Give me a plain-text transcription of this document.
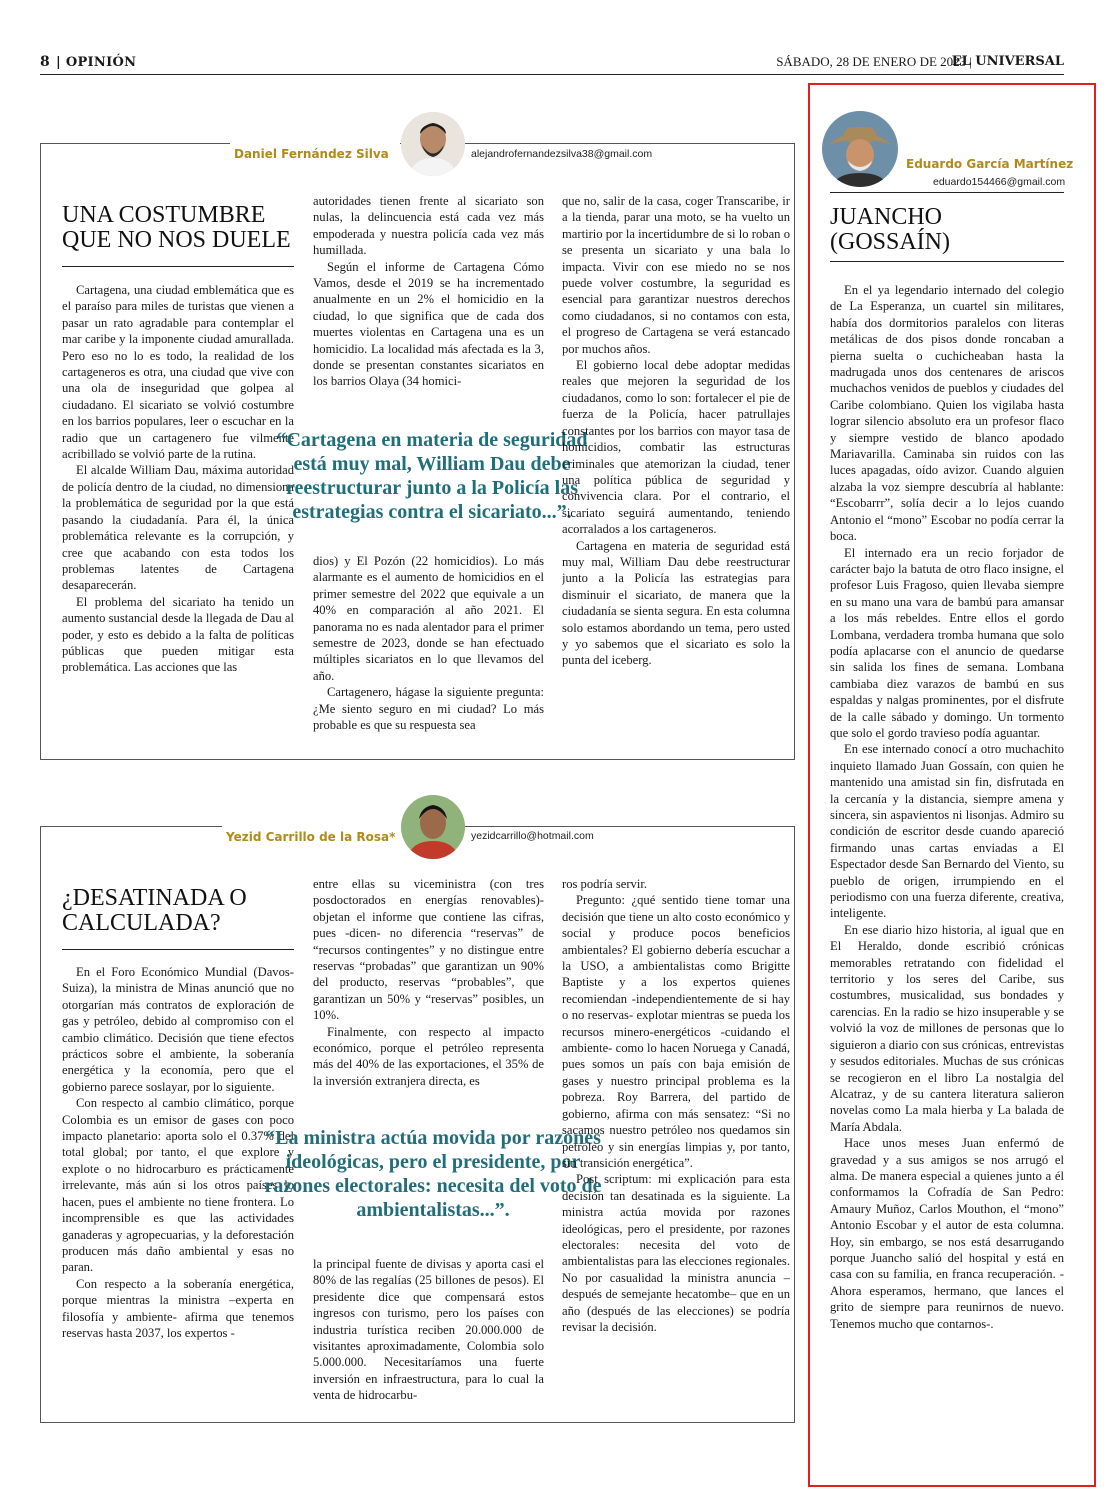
8 | OPINIÓN	SÁBADO, 28 DE ENERO DE 2023 |
EL UNIVERSAL
Daniel Fernández Silva	alejandrofernandezsilva38@gmail.com
UNA COSTUMBRE
QUE NO NOS DUELE

Cartagena, una ciudad emblemática que es el paraíso para miles de turistas que vienen a pasar un rato agradable para contemplar el mar caribe y la imponente ciudad amurallada. Pero eso no lo es todo, la realidad de los cartageneros es otra, una ciudad que vive con una ola de inseguridad que golpea al ciudadano. El sicariato se volvió costumbre en los barrios populares, leer o escuchar en la radio que un cartagenero fue vilmente acribillado se volvió parte de la rutina.

El alcalde William Dau, máxima autoridad de policía dentro de la ciudad, no dimensiona la problemática de seguridad por la que está pasando la ciudadanía. Para él, la única problemática relevante es la corrupción, y cree que acabando con esta todos los problemas latentes de Cartagena desaparecerán.

El problema del sicariato ha tenido un aumento sustancial desde la llegada de Dau al poder, y esto es debido a la falta de políticas públicas que pueden mitigar esta problemática. Las acciones que las

autoridades tienen frente al sicariato son nulas, la delincuencia está cada vez más empoderada y nuestra policía cada vez más humillada.

Según el informe de Cartagena Cómo Vamos, desde el 2019 se ha incrementado anualmente en un 2% el homicidio en la ciudad, lo que significa que de cada dos muertes violentas en Cartagena una es un homicidio. La localidad más afectada es la 3, donde se presentan constantes sicariatos en los barrios Olaya (34 homici-

“Cartagena en materia de seguridad está muy mal, William Dau debe reestructurar junto a la Policía las estrategias contra el sicariato...”.

dios) y El Pozón (22 homicidios). Lo más alarmante es el aumento de homicidios en el primer semestre del 2022 que equivale a un 40% en comparación al año 2021. El panorama no es nada alentador para el primer semestre de 2023, donde se han efectuado múltiples sicariatos en lo que llevamos del año.

Cartagenero, hágase la siguiente pregunta: ¿Me siento seguro en mi ciudad? Lo más probable es que su respuesta sea

que no, salir de la casa, coger Transcaribe, ir a la tienda, parar una moto, se ha vuelto un martirio por la incertidumbre de si lo roban o se presenta un sicariato y una bala lo impacta. Vivir con ese miedo no se nos puede volver costumbre, la seguridad es esencial para garantizar nuestros derechos como ciudadanos, si no contamos con esta, el progreso de Cartagena se verá estancado por muchos años.

El gobierno local debe adoptar medidas reales que mejoren la seguridad de los ciudadanos, como lo son: fortalecer el pie de fuerza de la Policía, hacer patrullajes constantes por los barrios con mayor tasa de homicidios, combatir las estructuras criminales que atemorizan la ciudad, tener una política pública de seguridad y convivencia clara. Por el contrario, el sicariato seguirá aumentando, teniendo acorralados a los cartageneros.

Cartagena en materia de seguridad está muy mal, William Dau debe reestructurar junto a la Policía las estrategias para disminuir el sicariato, de manera que la ciudadanía se sienta segura. En esta columna solo estamos abordando un tema, pero usted y yo sabemos que el sicariato es solo la punta del iceberg.

Yezid Carrillo de la Rosa*	yezidcarrillo@hotmail.com
¿DESATINADA O
CALCULADA?

En el Foro Económico Mundial (Davos-Suiza), la ministra de Minas anunció que no otorgarían más contratos de exploración de gas y petróleo, debido al compromiso con el cambio climático. Decisión que tiene efectos prácticos sobre el ambiente, la soberanía energética y la economía, pero que el gobierno parece soslayar, por lo siguiente.

Con respecto al cambio climático, porque Colombia es un emisor de gases con poco impacto planetario: aporta solo el 0.37% del total global; por tanto, el que explore y explote o no hidrocarburo es prácticamente irrelevante, más aún si los otros países lo hacen, pues el ambiente no tiene frontera. Lo incomprensible es que las actividades ganaderas y agropecuarias, y la deforestación producen más daño ambiental y esas no paran.

Con respecto a la soberanía energética, porque mientras la ministra –experta en filosofía y ambiente- afirma que tenemos reservas hasta 2037, los expertos -

entre ellas su viceministra (con tres posdoctorados en energías renovables)- objetan el informe que contiene las cifras, pues -dicen- no diferencia “reservas” de “recursos contingentes” y no distingue entre reservas “probadas” que garantizan un 90% del producto, reservas “probables”, que garantizan un 50% y “reservas” posibles, un 10%.

Finalmente, con respecto al impacto económico, porque el petróleo representa más del 40% de las exportaciones, el 35% de la inversión extranjera directa, es

“La ministra actúa movida por razones ideológicas, pero el presidente, por razones electorales: necesita del voto de ambientalistas...”.

la principal fuente de divisas y aporta casi el 80% de las regalías (25 billones de pesos). El presidente dice que compensará estos ingresos con turismo, pero los países con industria turística reciben 20.000.000 de visitantes aproximadamente, Colombia solo 5.000.000. Necesitaríamos una fuerte inversión en infraestructura, para lo cual la venta de hidrocarbu-

ros podría servir.

Pregunto: ¿qué sentido tiene tomar una decisión que tiene un alto costo económico y social y produce pocos beneficios ambientales? El gobierno debería escuchar a la USO, a ambientalistas como Brigitte Baptiste y a los expertos quienes recomiendan -independientemente de si hay o no reservas- explotar mientras se pueda los recursos minero-energéticos -cuidando el ambiente- como lo hacen Noruega y Canadá, pues somos un país con baja emisión de gases y nuestro principal problema es la pobreza. Roy Barrera, del partido de gobierno, afirma con más sensatez: “Si no sacamos nuestro petróleo nos quedamos sin petróleo y sin energías limpias y, por tanto, sin transición energética”.

Post scriptum: mi explicación para esta decisión tan desatinada es la siguiente. La ministra actúa movida por razones ideológicas, pero el presidente, por razones electorales: necesita del voto de ambientalistas para las elecciones regionales. No por casualidad la ministra anuncia –después de semejante hecatombe– que en un año (después de las elecciones) se podría revisar la decisión.

Eduardo García Martínez
eduardo154466@gmail.com
JUANCHO
(GOSSAÍN)

En el ya legendario internado del colegio de La Esperanza, un cuartel sin militares, había dos dormitorios paralelos con literas metálicas de dos pisos donde roncaban a pierna suelta o cuchicheaban hasta la madrugada unos dos centenares de ariscos muchachos venidos de pueblos y ciudades del Caribe colombiano. Quien los vigilaba hasta lograr silencio absoluto era un profesor flaco y siempre vestido de blanco apodado Mariavarilla. Caminaba sin ruidos con las luces apagadas, oído avizor. Cuando alguien alzaba la voz siempre descubría al hablante: “Escobarrr”, solía decir a lo lejos cuando Antonio el “mono” Escobar no podía cerrar la boca.

El internado era un recio forjador de carácter bajo la batuta de otro flaco insigne, el profesor Luis Fragoso, quien llevaba siempre en su mano una vara de bambú para amansar a los más rebeldes. Entre ellos el gordo Lombana, verdadera tromba humana que solo podía aplacarse con el anuncio de quedarse sin salida los fines de semana. Lombana cambiaba diez varazos de bambú en sus espaldas y nalgas prominentes, por el disfrute de la calle sábado y domingo. Un tormento que solo el gordo travieso podía aguantar.

En ese internado conocí a otro muchachito inquieto llamado Juan Gossaín, con quien he mantenido una amistad sin fin, disfrutada en la cercanía y la distancia, siempre amena y sincera, sin aspavientos ni lisonjas. Admiro su condición de escritor desde cuando apareció firmando unas cartas enviadas a El Espectador desde San Bernardo del Viento, su pueblo de origen, irrumpiendo en el periodismo con una fuerza diferente, creativa, inteligente.

En ese diario hizo historia, al igual que en El Heraldo, donde escribió crónicas memorables retratando con fidelidad el territorio y los seres del Caribe, sus costumbres, musicalidad, sus bondades y carencias. En la radio se hizo insuperable y se volvió la voz de millones de personas que lo siguieron a diario con sus crónicas, entrevistas y sesudos editoriales. Muchas de sus crónicas se recogieron en el libro La nostalgia del Alcatraz, y de su cantera literatura salieron novelas como La mala hierba y La balada de María Abdala.

Hace unos meses Juan enfermó de gravedad y a sus amigos se nos arrugó el alma. De manera especial a quienes junto a él conformamos la Cofradía de San Pedro: Amaury Muñoz, Carlos Mouthon, el “mono” Antonio Escobar y el autor de esta columna. Hoy, sin embargo, se nos está desarrugando porque Juancho salió del hospital y está en casa con su familia, en franca recuperación. -Ahora esperamos, hermano, que lances el grito de siempre para reunirnos de nuevo. Tenemos mucho que contarnos-.
